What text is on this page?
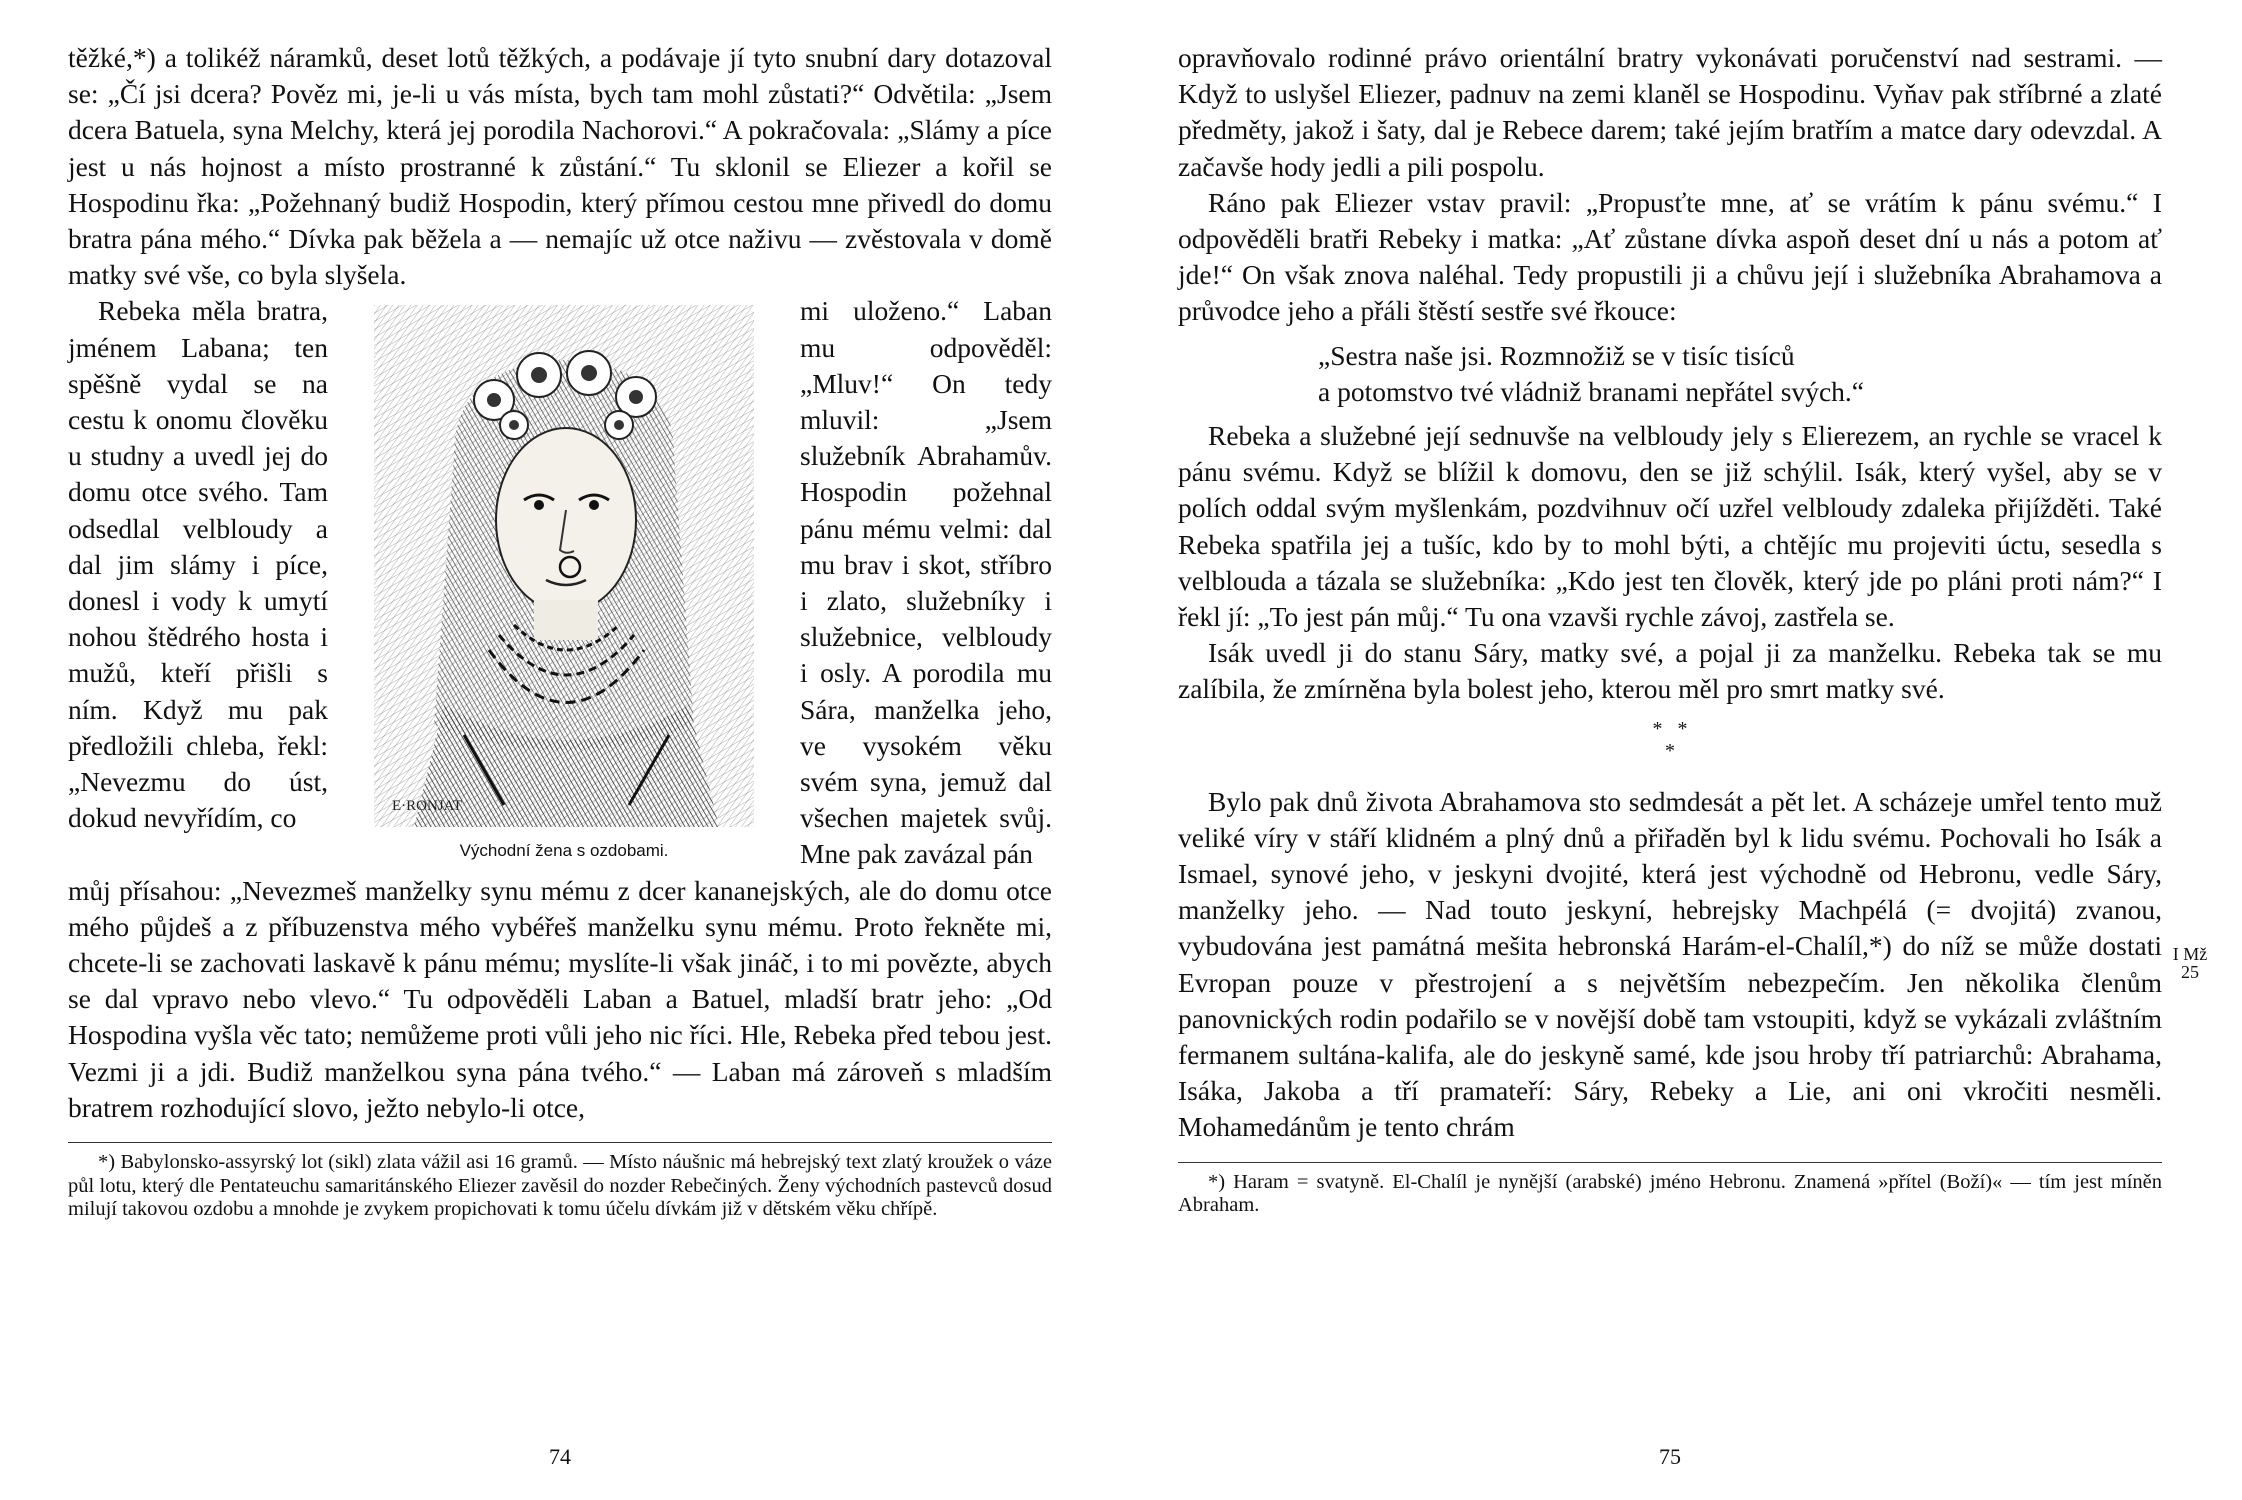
těžké,*) a tolikéž náramků, deset lotů těžkých, a podávaje jí tyto snubní dary dotazoval se: „Čí jsi dcera? Pověz mi, je-li u vás místa, bych tam mohl zůstati?“ Odvětila: „Jsem dcera Batuela, syna Melchy, která jej porodila Nachorovi.“ A pokračovala: „Slámy a píce jest u nás hojnost a místo prostranné k zůstání.“ Tu sklonil se Eliezer a kořil se Hospodinu řka: „Požehnaný budiž Hospodin, který přímou cestou mne přivedl do domu bratra pána mého.“ Dívka pak běžela a — nemajíc už otce naživu — zvěstovala v domě matky své vše, co byla slyšela.

Rebeka měla bratra, jménem Labana; ten spěšně vydal se na cestu k onomu člověku u studny a uvedl jej do domu otce svého. Tam odsedlal velbloudy a dal jim slámy i píce, donesl i vody k umytí nohou štědrého hosta i mužů, kteří přišli s ním. Když mu pak předložili chleba, řekl: „Nevezmu do úst, dokud nevyřídím, co	E·RONJAT
Východní žena s ozdobami.
mi uloženo.“ Laban mu odpověděl: „Mluv!“ On tedy mluvil: „Jsem služebník Abrahamův. Hospodin požehnal pánu mému velmi: dal mu brav i skot, stříbro i zlato, služebníky i služebnice, velbloudy i osly. A porodila mu Sára, manželka jeho, ve vysokém věku svém syna, jemuž dal všechen majetek svůj. Mne pak zavázal pán

můj přísahou: „Nevezmeš manželky synu mému z dcer kananejských, ale do domu otce mého půjdeš a z příbuzenstva mého vybéřeš manželku synu mému. Proto řekněte mi, chcete-li se zachovati laskavě k pánu mému; myslíte-li však jináč, i to mi povězte, abych se dal vpravo nebo vlevo.“ Tu odpověděli Laban a Batuel, mladší bratr jeho: „Od Hospodina vyšla věc tato; nemůžeme proti vůli jeho nic říci. Hle, Rebeka před tebou jest. Vezmi ji a jdi. Budiž manželkou syna pána tvého.“ — Laban má zároveň s mladším bratrem rozhodující slovo, ježto nebylo-li otce,

*) Babylonsko-assyrský lot (sikl) zlata vážil asi 16 gramů. — Místo náušnic má hebrejský text zlatý kroužek o váze půl lotu, který dle Pentateuchu samaritánského Eliezer zavěsil do nozder Rebečiných. Ženy východních pastevců dosud milují takovou ozdobu a mnohde je zvykem propichovati k tomu účelu dívkám již v dětském věku chřípě.

74

opravňovalo rodinné právo orientální bratry vykonávati poručenství nad sestrami. — Když to uslyšel Eliezer, padnuv na zemi klaněl se Hospodinu. Vyňav pak stříbrné a zlaté předměty, jakož i šaty, dal je Rebece darem; také jejím bratřím a matce dary odevzdal. A začavše hody jedli a pili pospolu.

Ráno pak Eliezer vstav pravil: „Propusťte mne, ať se vrátím k pánu svému.“ I odpověděli bratři Rebeky i matka: „Ať zůstane dívka aspoň deset dní u nás a potom ať jde!“ On však znova naléhal. Tedy propustili ji a chůvu její i služebníka Abrahamova a průvodce jeho a přáli štěstí sestře své řkouce:

„Sestra naše jsi. Rozmnožiž se v tisíc tisíců
a potomstvo tvé vládniž branami nepřátel svých.“

Rebeka a služebné její sednuvše na velbloudy jely s Elierezem, an rychle se vracel k pánu svému. Když se blížil k domovu, den se již schýlil. Isák, který vyšel, aby se v polích oddal svým myšlenkám, pozdvihnuv očí uzřel velbloudy zdaleka přijížděti. Také Rebeka spatřila jej a tušíc, kdo by to mohl býti, a chtějíc mu projeviti úctu, sesedla s velblouda a tázala se služebníka: „Kdo jest ten člověk, který jde po pláni proti nám?“ I řekl jí: „To jest pán můj.“ Tu ona vzavši rychle závoj, zastřela se.

Isák uvedl ji do stanu Sáry, matky své, a pojal ji za manželku. Rebeka tak se mu zalíbila, že zmírněna byla bolest jeho, kterou měl pro smrt matky své.

*   *
*

Bylo pak dnů života Abrahamova sto sedmdesát a pět let. A scházeje umřel tento muž veliké víry v stáří klidném a plný dnů a přiřaděn byl k lidu svému. Pochovali ho Isák a Ismael, synové jeho, v jeskyni dvojité, která jest východně od Hebronu, vedle Sáry, manželky jeho. — Nad touto jeskyní, hebrejsky Machpélá (= dvojitá) zvanou, vybudována jest památná mešita hebronská Harám-el-Chalíl,*) do níž se může dostati Evropan pouze v přestrojení a s největším nebezpečím. Jen několika členům panovnických rodin podařilo se v novější době tam vstoupiti, když se vykázali zvláštním fermanem sultána-kalifa, ale do jeskyně samé, kde jsou hroby tří patriarchů: Abrahama, Isáka, Jakoba a tří pramateří: Sáry, Rebeky a Lie, ani oni vkročiti nesměli. Mohamedánům je tento chrám

*) Haram = svatyně. El-Chalíl je nynější (arabské) jméno Hebronu. Znamená »přítel (Boží)« — tím jest míněn Abraham.

75
I Mž
25
